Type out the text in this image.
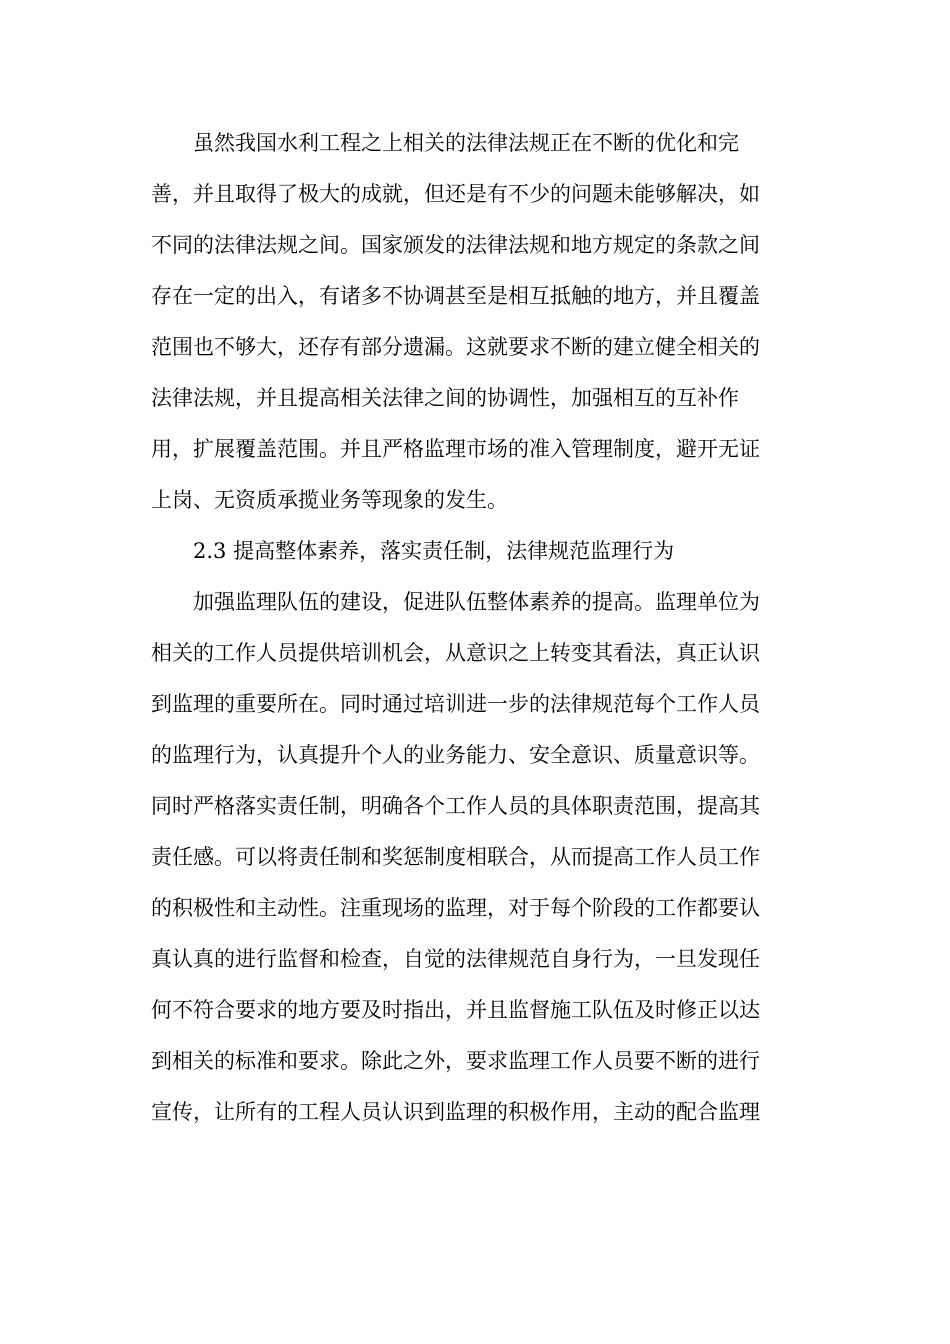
虽然我国水利工程之上相关的法律法规正在不断的优化和完
善，并且取得了极大的成就，但还是有不少的问题未能够解决，如
不同的法律法规之间。国家颁发的法律法规和地方规定的条款之间
存在一定的出入，有诸多不协调甚至是相互抵触的地方，并且覆盖
范围也不够大，还存有部分遗漏。这就要求不断的建立健全相关的
法律法规，并且提高相关法律之间的协调性，加强相互的互补作
用，扩展覆盖范围。并且严格监理市场的准入管理制度，避开无证
上岗、无资质承揽业务等现象的发生。
2.3 提高整体素养，落实责任制，法律规范监理行为
加强监理队伍的建设，促进队伍整体素养的提高。监理单位为
相关的工作人员提供培训机会，从意识之上转变其看法，真正认识
到监理的重要所在。同时通过培训进一步的法律规范每个工作人员
的监理行为，认真提升个人的业务能力、安全意识、质量意识等。
同时严格落实责任制，明确各个工作人员的具体职责范围，提高其
责任感。可以将责任制和奖惩制度相联合，从而提高工作人员工作
的积极性和主动性。注重现场的监理，对于每个阶段的工作都要认
真认真的进行监督和检查，自觉的法律规范自身行为，一旦发现任
何不符合要求的地方要及时指出，并且监督施工队伍及时修正以达
到相关的标准和要求。除此之外，要求监理工作人员要不断的进行
宣传，让所有的工程人员认识到监理的积极作用，主动的配合监理
